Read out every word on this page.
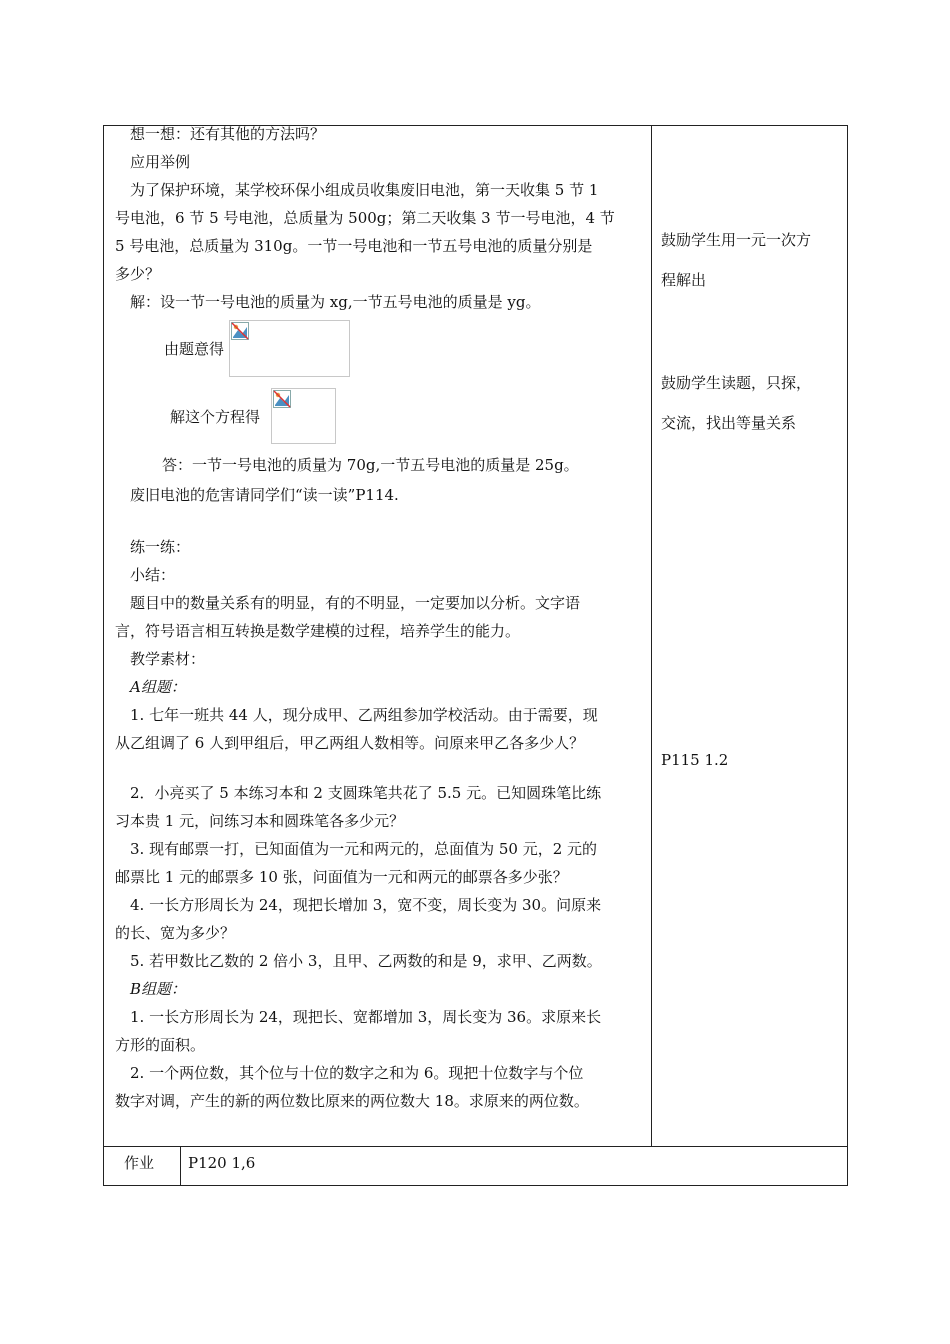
想一想：还有其他的方法吗？
应用举例
为了保护环境，某学校环保小组成员收集废旧电池，第一天收集 5 节 1
号电池，6 节 5 号电池，总质量为 500g；第二天收集 3 节一号电池，4 节
5 号电池，总质量为 310g。一节一号电池和一节五号电池的质量分别是
多少？
解：设一节一号电池的质量为 xg,一节五号电池的质量是 yg。
由题意得
解这个方程得
答：一节一号电池的质量为 70g,一节五号电池的质量是 25g。
废旧电池的危害请同学们“读一读”P114.
练一练：
小结：
题目中的数量关系有的明显，有的不明显，一定要加以分析。文字语
言，符号语言相互转换是数学建模的过程，培养学生的能力。
教学素材：
A组题：
1. 七年一班共 44 人，现分成甲、乙两组参加学校活动。由于需要，现
从乙组调了 6 人到甲组后，甲乙两组人数相等。问原来甲乙各多少人？
2．小亮买了 5 本练习本和 2 支圆珠笔共花了 5.5 元。已知圆珠笔比练
习本贵 1 元，问练习本和圆珠笔各多少元？
3. 现有邮票一打，已知面值为一元和两元的，总面值为 50 元，2 元的
邮票比 1 元的邮票多 10 张，问面值为一元和两元的邮票各多少张？
4. 一长方形周长为 24，现把长增加 3，宽不变，周长变为 30。问原来
的长、宽为多少？
5. 若甲数比乙数的 2 倍小 3，且甲、乙两数的和是 9，求甲、乙两数。
B组题：
1. 一长方形周长为 24，现把长、宽都增加 3，周长变为 36。求原来长
方形的面积。
2. 一个两位数，其个位与十位的数字之和为 6。现把十位数字与个位
数字对调，产生的新的两位数比原来的两位数大 18。求原来的两位数。
鼓励学生用一元一次方
程解出
鼓励学生读题，只探，
交流，找出等量关系
P115 1.2
作业 P120 1,6
